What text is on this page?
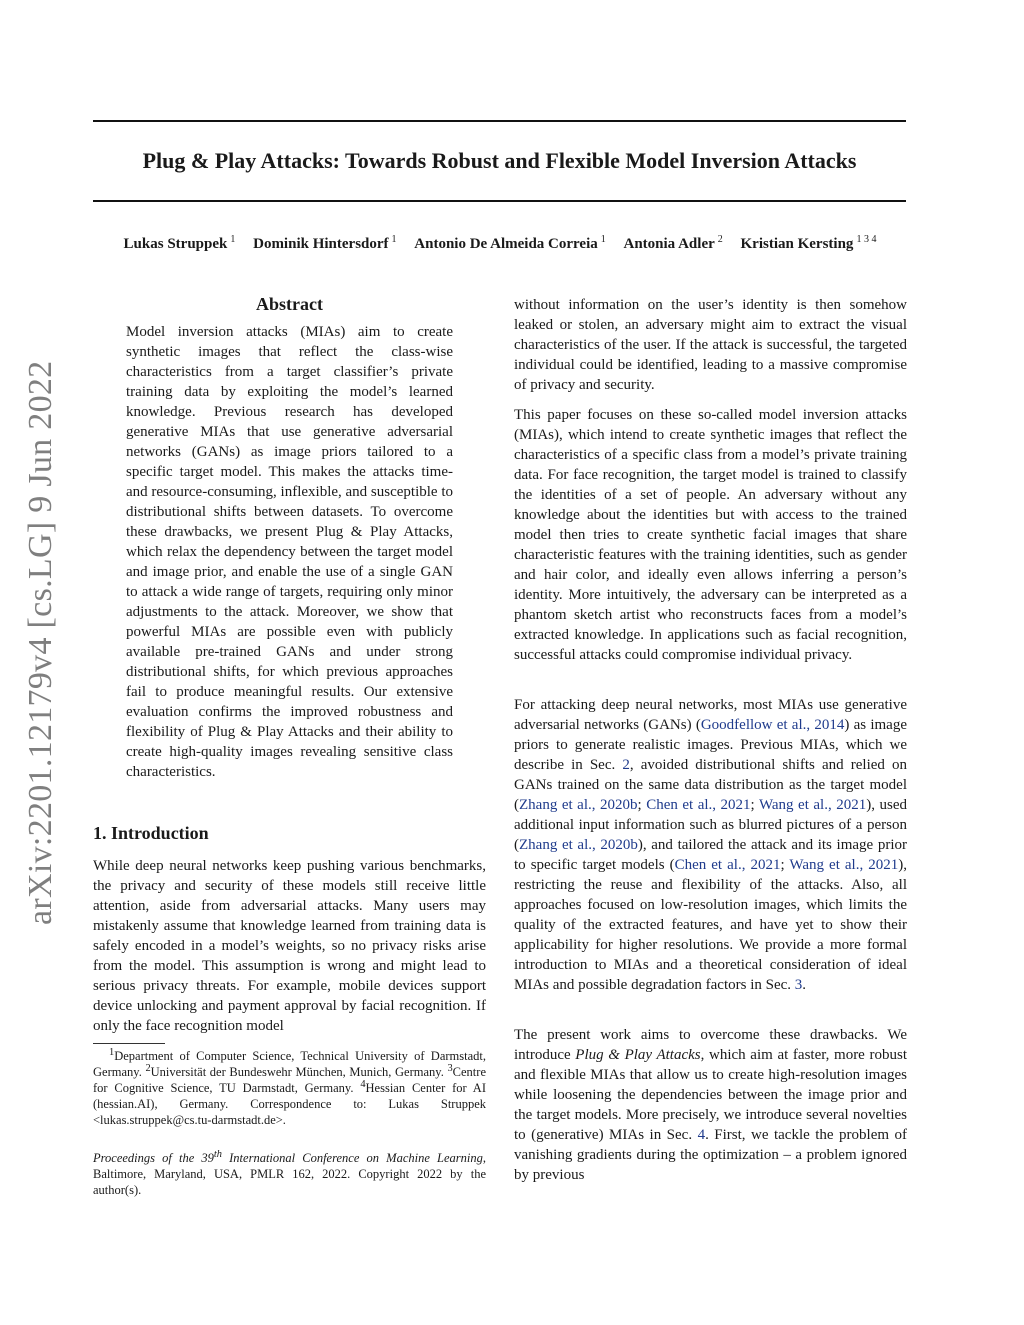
arXiv:2201.12179v4 [cs.LG] 9 Jun 2022
Plug & Play Attacks: Towards Robust and Flexible Model Inversion Attacks
Lukas Struppek $^1$ Dominik Hintersdorf $^1$ Antonio De Almeida Correia $^1$ Antonia Adler $^2$ Kristian Kersting $^{1 3 4}$
Abstract
Model inversion attacks (MIAs) aim to create synthetic images that reflect the class-wise characteristics from a target classifier’s private training data by exploiting the model’s learned knowledge. Previous research has developed generative MIAs that use generative adversarial networks (GANs) as image priors tailored to a specific target model. This makes the attacks time- and resource-consuming, inflexible, and susceptible to distributional shifts between datasets. To overcome these drawbacks, we present Plug & Play Attacks, which relax the dependency between the target model and image prior, and enable the use of a single GAN to attack a wide range of targets, requiring only minor adjustments to the attack. Moreover, we show that powerful MIAs are possible even with publicly available pre-trained GANs and under strong distributional shifts, for which previous approaches fail to produce meaningful results. Our extensive evaluation confirms the improved robustness and flexibility of Plug & Play Attacks and their ability to create high-quality images revealing sensitive class characteristics.
1. Introduction
While deep neural networks keep pushing various benchmarks, the privacy and security of these models still receive little attention, aside from adversarial attacks. Many users may mistakenly assume that knowledge learned from training data is safely encoded in a model’s weights, so no privacy risks arise from the model. This assumption is wrong and might lead to serious privacy threats. For example, mobile devices support device unlocking and payment approval by facial recognition. If only the face recognition model
$^1$Department of Computer Science, Technical University of Darmstadt, Germany. $^2$Universität der Bundeswehr München, Munich, Germany. $^3$Centre for Cognitive Science, TU Darmstadt, Germany. $^4$Hessian Center for AI (hessian.AI), Germany. Correspondence to: Lukas Struppek <lukas.struppek@cs.tu-darmstadt.de>.
Proceedings of the 39th International Conference on Machine Learning, Baltimore, Maryland, USA, PMLR 162, 2022. Copyright 2022 by the author(s).
without information on the user’s identity is then somehow leaked or stolen, an adversary might aim to extract the visual characteristics of the user. If the attack is successful, the targeted individual could be identified, leading to a massive compromise of privacy and security.
This paper focuses on these so-called model inversion attacks (MIAs), which intend to create synthetic images that reflect the characteristics of a specific class from a model’s private training data. For face recognition, the target model is trained to classify the identities of a set of people. An adversary without any knowledge about the identities but with access to the trained model then tries to create synthetic facial images that share characteristic features with the training identities, such as gender and hair color, and ideally even allows inferring a person’s identity. More intuitively, the adversary can be interpreted as a phantom sketch artist who reconstructs faces from a model’s extracted knowledge. In applications such as facial recognition, successful attacks could compromise individual privacy.
For attacking deep neural networks, most MIAs use generative adversarial networks (GANs) (Goodfellow et al., 2014) as image priors to generate realistic images. Previous MIAs, which we describe in Sec. 2, avoided distributional shifts and relied on GANs trained on the same data distribution as the target model (Zhang et al., 2020b; Chen et al., 2021; Wang et al., 2021), used additional input information such as blurred pictures of a person (Zhang et al., 2020b), and tailored the attack and its image prior to specific target models (Chen et al., 2021; Wang et al., 2021), restricting the reuse and flexibility of the attacks. Also, all approaches focused on low-resolution images, which limits the quality of the extracted features, and have yet to show their applicability for higher resolutions. We provide a more formal introduction to MIAs and a theoretical consideration of ideal MIAs and possible degradation factors in Sec. 3.
The present work aims to overcome these drawbacks. We introduce Plug & Play Attacks, which aim at faster, more robust and flexible MIAs that allow us to create high-resolution images while loosening the dependencies between the image prior and the target models. More precisely, we introduce several novelties to (generative) MIAs in Sec. 4. First, we tackle the problem of vanishing gradients during the optimization – a problem ignored by previous
